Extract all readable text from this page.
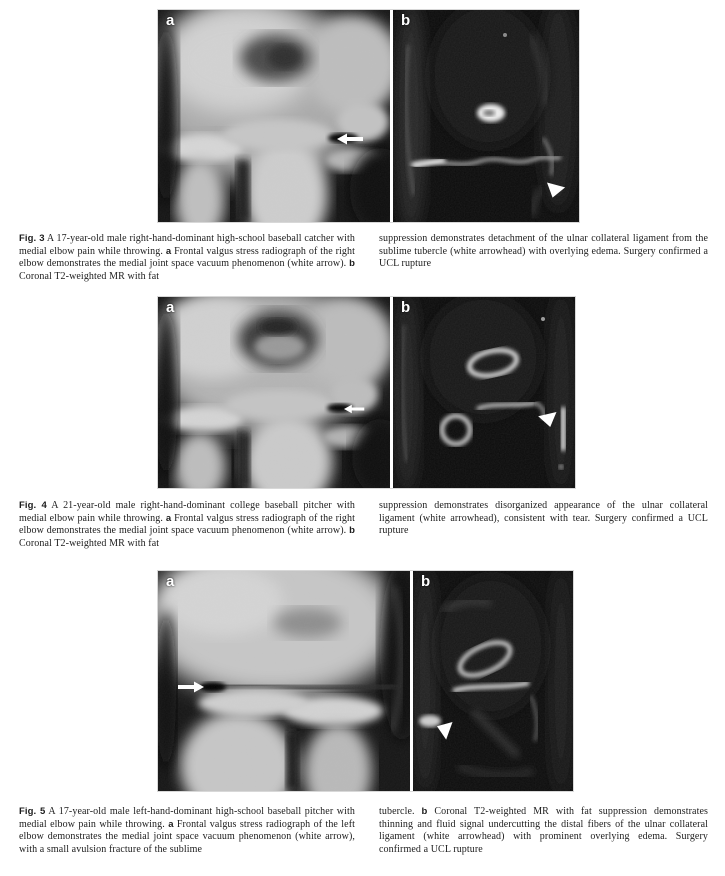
a	b
Fig. 3 A 17-year-old male right-hand-dominant high-school baseball catcher with medial elbow pain while throwing. a Frontal valgus stress radiograph of the right elbow demonstrates the medial joint space vacuum phenomenon (white arrow). b Coronal T2-weighted MR with fat
suppression demonstrates detachment of the ulnar collateral ligament from the sublime tubercle (white arrowhead) with overlying edema. Surgery confirmed a UCL rupture
a	b
Fig. 4 A 21-year-old male right-hand-dominant college baseball pitcher with medial elbow pain while throwing. a Frontal valgus stress radiograph of the right elbow demonstrates the medial joint space vacuum phenomenon (white arrow). b Coronal T2-weighted MR with fat
suppression demonstrates disorganized appearance of the ulnar collateral ligament (white arrowhead), consistent with tear. Surgery confirmed a UCL rupture
a	b
Fig. 5 A 17-year-old male left-hand-dominant high-school baseball pitcher with medial elbow pain while throwing. a Frontal valgus stress radiograph of the left elbow demonstrates the medial joint space vacuum phenomenon (white arrow), with a small avulsion fracture of the sublime
tubercle. b Coronal T2-weighted MR with fat suppression demonstrates thinning and fluid signal undercutting the distal fibers of the ulnar collateral ligament (white arrowhead) with prominent overlying edema. Surgery confirmed a UCL rupture
